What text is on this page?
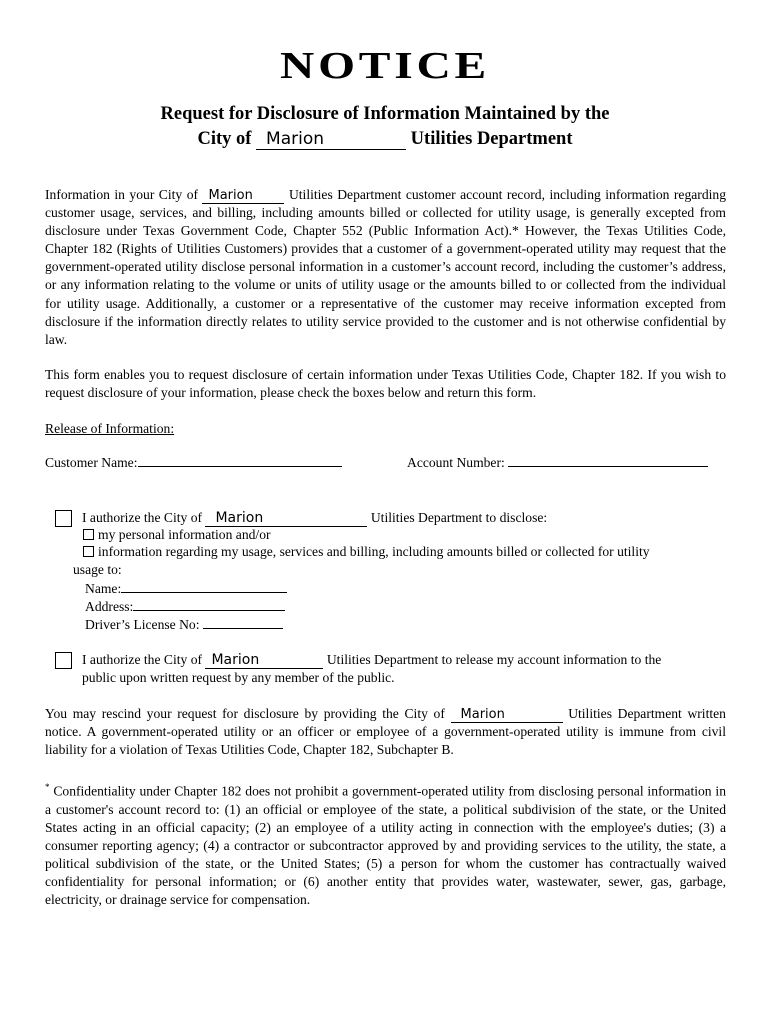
NOTICE
Request for Disclosure of Information Maintained by the
City of Marion	Utilities Department
Information in your City of Marion	Utilities Department customer account record, including information regarding customer usage, services, and billing, including amounts billed or collected for utility usage, is generally excepted from disclosure under Texas Government Code, Chapter 552 (Public Information Act).* However, the Texas Utilities Code, Chapter 182 (Rights of Utilities Customers) provides that a customer of a government-operated utility may request that the government-operated utility disclose personal information in a customer’s account record, including the customer’s address, or any information relating to the volume or units of utility usage or the amounts billed to or collected from the individual for utility usage. Additionally, a customer or a representative of the customer may receive information excepted from disclosure if the information directly relates to utility service provided to the customer and is not otherwise confidential by law.
This form enables you to request disclosure of certain information under Texas Utilities Code, Chapter 182. If you wish to request disclosure of your information, please check the boxes below and return this form.
Release of Information:
Customer Name:	Account Number:
I authorize the City of Marion	Utilities Department to disclose:
my personal information and/or
information regarding my usage, services and billing, including amounts billed or collected for utility
usage to:
Name:
Address:
Driver’s License No:
I authorize the City of Marion	Utilities Department to release my account information to the
public upon written request by any member of the public.
You may rescind your request for disclosure by providing the City of Marion	Utilities Department written notice. A government-operated utility or an officer or employee of a government-operated utility is immune from civil liability for a violation of Texas Utilities Code, Chapter 182, Subchapter B.
* Confidentiality under Chapter 182 does not prohibit a government-operated utility from disclosing personal information in a customer's account record to: (1) an official or employee of the state, a political subdivision of the state, or the United States acting in an official capacity; (2) an employee of a utility acting in connection with the employee's duties; (3) a consumer reporting agency; (4) a contractor or subcontractor approved by and providing services to the utility, the state, a political subdivision of the state, or the United States; (5) a person for whom the customer has contractually waived confidentiality for personal information; or (6) another entity that provides water, wastewater, sewer, gas, garbage, electricity, or drainage service for compensation.
